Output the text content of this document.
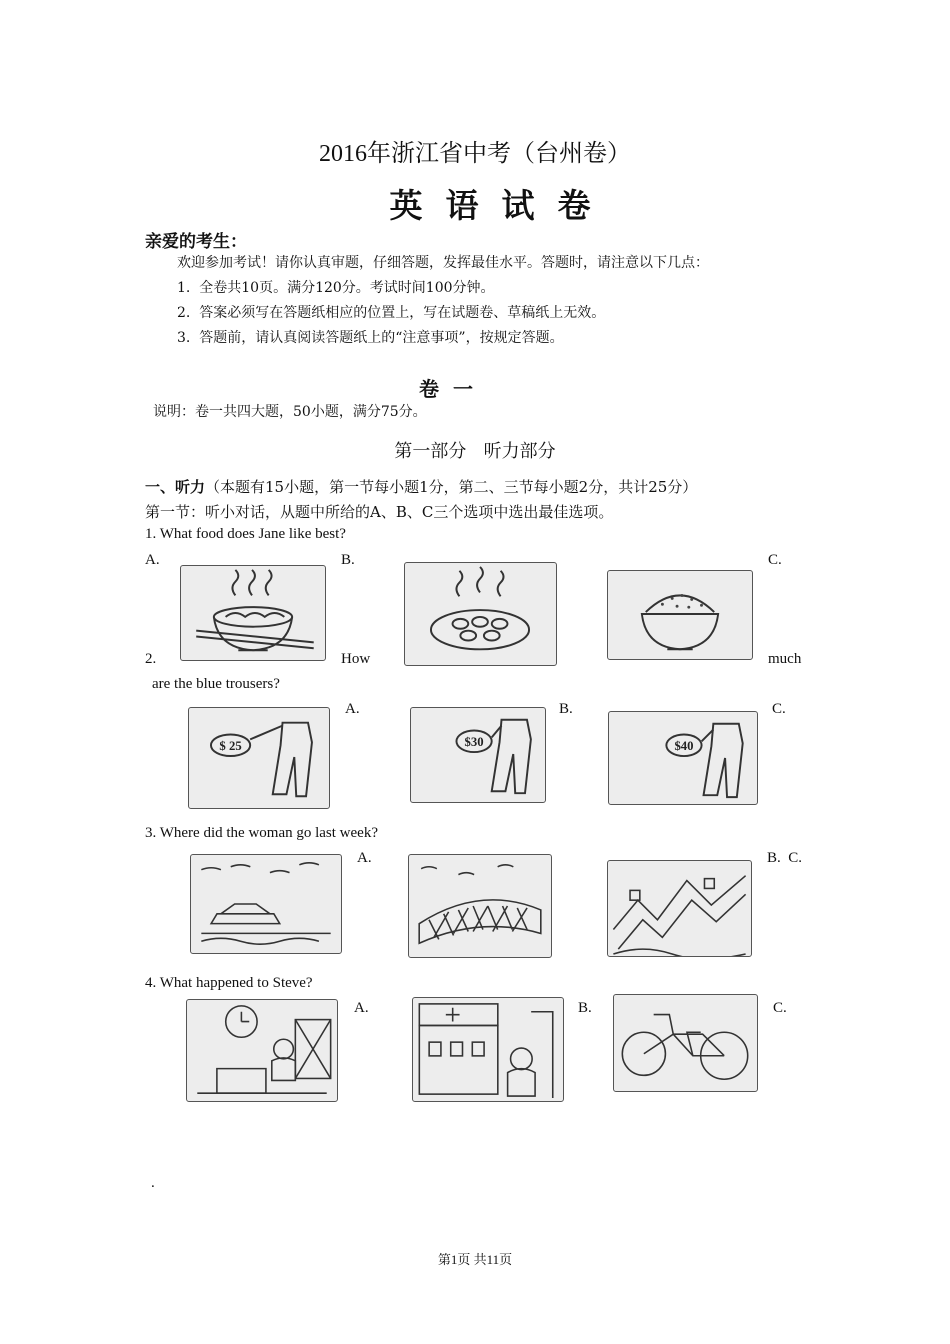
2016年浙江省中考（台州卷）
英  语  试  卷
亲爱的考生：
欢迎参加考试！请你认真审题，仔细答题，发挥最佳水平。答题时，请注意以下几点：
1.  全卷共10页。满分120分。考试时间100分钟。
2.  答案必须写在答题纸相应的位置上，写在试题卷、草稿纸上无效。
3.  答题前，请认真阅读答题纸上的“注意事项”，按规定答题。
卷  一
说明：卷一共四大题，50小题，满分75分。
第一部分   听力部分
一、听力（本题有15小题，第一节每小题1分，第二、三节每小题2分，共计25分）
第一节：听小对话，从题中所给的A、B、C三个选项中选出最佳选项。
1. What food does Jane like best?
A.	B.	C.
2.	How	much
are the blue trousers?
A.	B.	C.
$ 25	$30	$40
3. Where did the woman go last week?
A.	B.  C.
4. What happened to Steve?
A.	B.	C.
.
第1页 共11页
